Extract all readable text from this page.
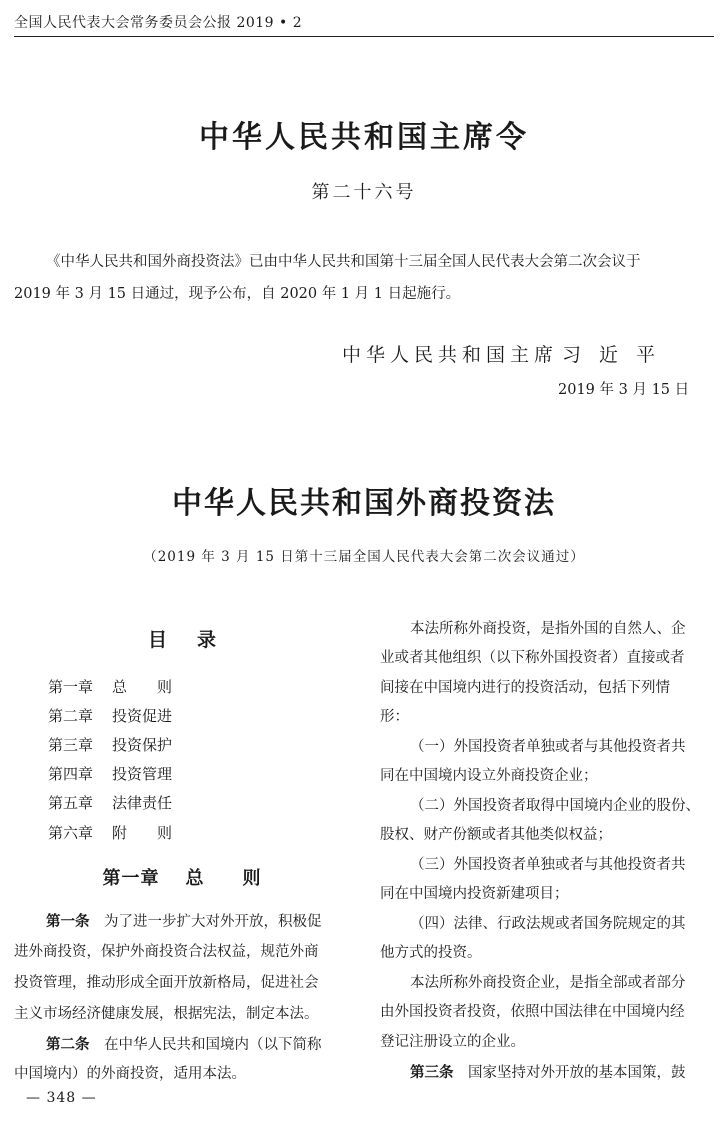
全国人民代表大会常务委员会公报 2019 • 2
中华人民共和国主席令
第二十六号
《中华人民共和国外商投资法》已由中华人民共和国第十三届全国人民代表大会第二次会议于
2019 年 3 月 15 日通过，现予公布，自 2020 年 1 月 1 日起施行。
中华人民共和国主席 习近平
2019 年 3 月 15 日
中华人民共和国外商投资法
（2019 年 3 月 15 日第十三届全国人民代表大会第二次会议通过）
目录
第一章 总　　则
第二章 投资促进
第三章 投资保护
第四章 投资管理
第五章 法律责任
第六章 附　　则
第一章 总　　则
第一条　 为了进一步扩大对外开放，积极促
进外商投资，保护外商投资合法权益，规范外商
投资管理，推动形成全面开放新格局，促进社会
主义市场经济健康发展，根据宪法，制定本法。
第二条　 在中华人民共和国境内（以下简称
中国境内）的外商投资，适用本法。
本法所称外商投资，是指外国的自然人、企
业或者其他组织（以下称外国投资者）直接或者
间接在中国境内进行的投资活动，包括下列情
形：
（一）外国投资者单独或者与其他投资者共
同在中国境内设立外商投资企业；
（二）外国投资者取得中国境内企业的股份、
股权、财产份额或者其他类似权益；
（三）外国投资者单独或者与其他投资者共
同在中国境内投资新建项目；
（四）法律、行政法规或者国务院规定的其
他方式的投资。
本法所称外商投资企业，是指全部或者部分
由外国投资者投资，依照中国法律在中国境内经
登记注册设立的企业。
第三条　 国家坚持对外开放的基本国策，鼓
— 348 —
